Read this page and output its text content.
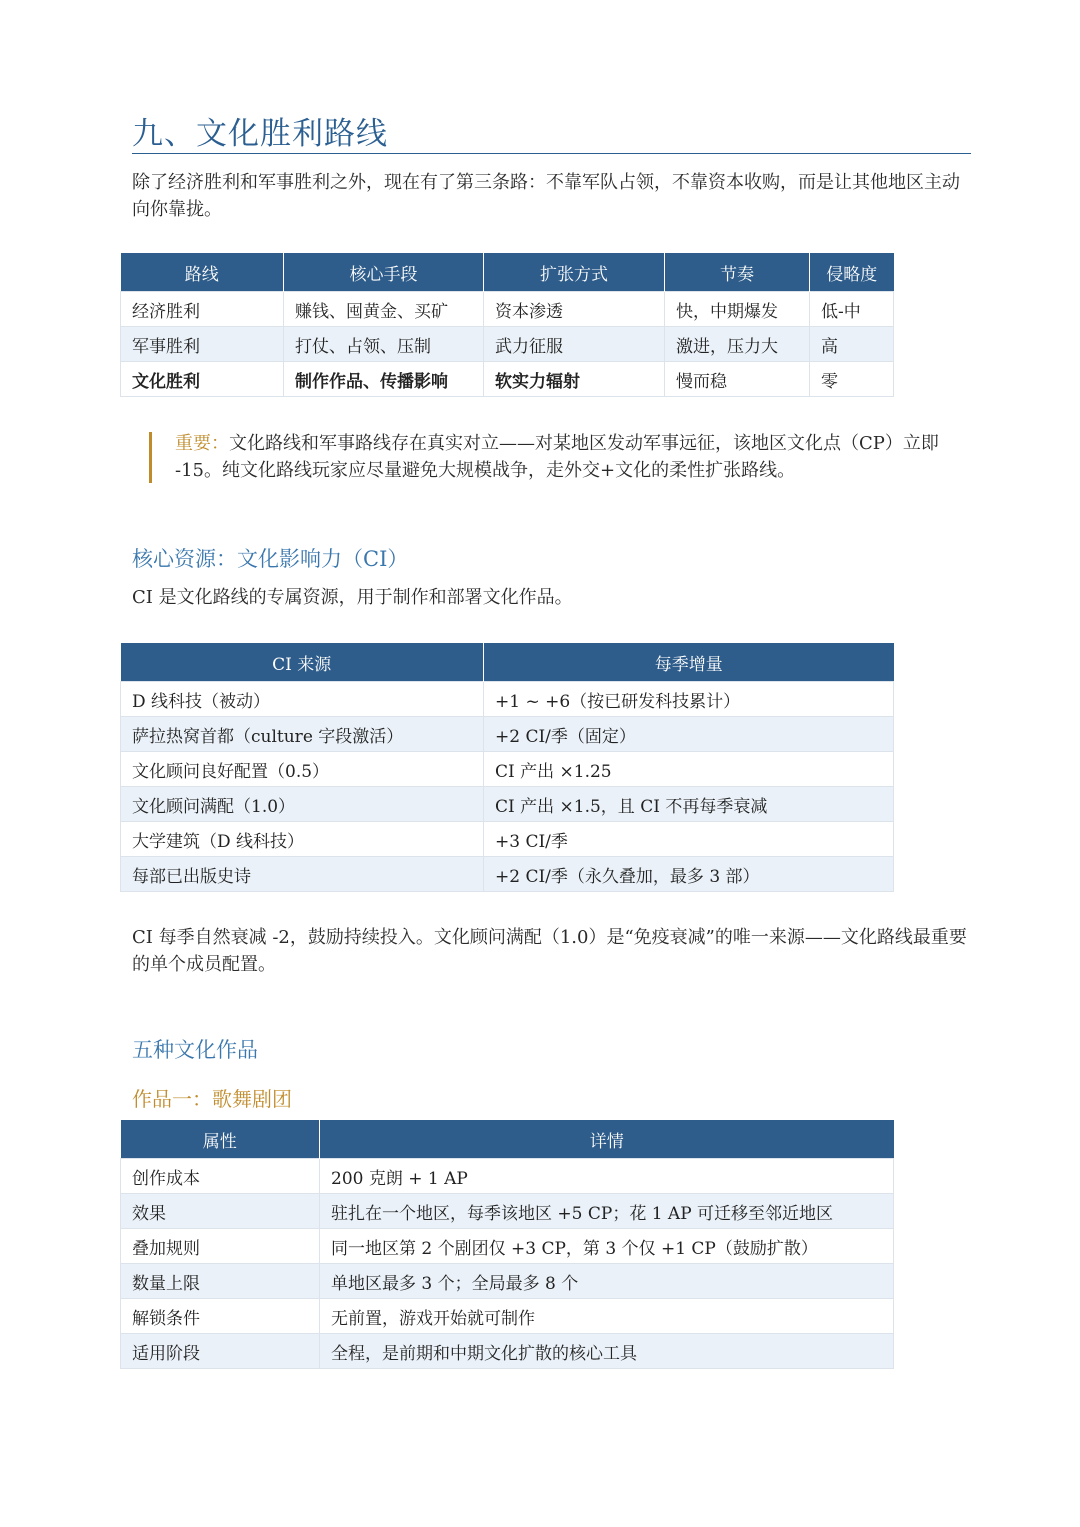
九、文化胜利路线
除了经济胜利和军事胜利之外，现在有了第三条路：不靠军队占领，不靠资本收购，而是让其他地区主动向你靠拢。
路线	核心手段	扩张方式	节奏	侵略度
经济胜利	赚钱、囤黄金、买矿	资本渗透	快，中期爆发	低-中
军事胜利	打仗、占领、压制	武力征服	激进，压力大	高
文化胜利	制作作品、传播影响	软实力辐射	慢而稳	零
重要：文化路线和军事路线存在真实对立——对某地区发动军事远征，该地区文化点（CP）立即 -15。纯文化路线玩家应尽量避免大规模战争，走外交+文化的柔性扩张路线。
核心资源：文化影响力（CI）
CI 是文化路线的专属资源，用于制作和部署文化作品。
CI 来源	每季增量
D 线科技（被动）	+1 ~ +6（按已研发科技累计）
萨拉热窝首都（culture 字段激活）	+2 CI/季（固定）
文化顾问良好配置（0.5）	CI 产出 ×1.25
文化顾问满配（1.0）	CI 产出 ×1.5，且 CI 不再每季衰减
大学建筑（D 线科技）	+3 CI/季
每部已出版史诗	+2 CI/季（永久叠加，最多 3 部）
CI 每季自然衰减 -2，鼓励持续投入。文化顾问满配（1.0）是“免疫衰减”的唯一来源——文化路线最重要的单个成员配置。
五种文化作品
作品一：歌舞剧团
属性	详情
创作成本	200 克朗 + 1 AP
效果	驻扎在一个地区，每季该地区 +5 CP；花 1 AP 可迁移至邻近地区
叠加规则	同一地区第 2 个剧团仅 +3 CP，第 3 个仅 +1 CP（鼓励扩散）
数量上限	单地区最多 3 个；全局最多 8 个
解锁条件	无前置，游戏开始就可制作
适用阶段	全程，是前期和中期文化扩散的核心工具
